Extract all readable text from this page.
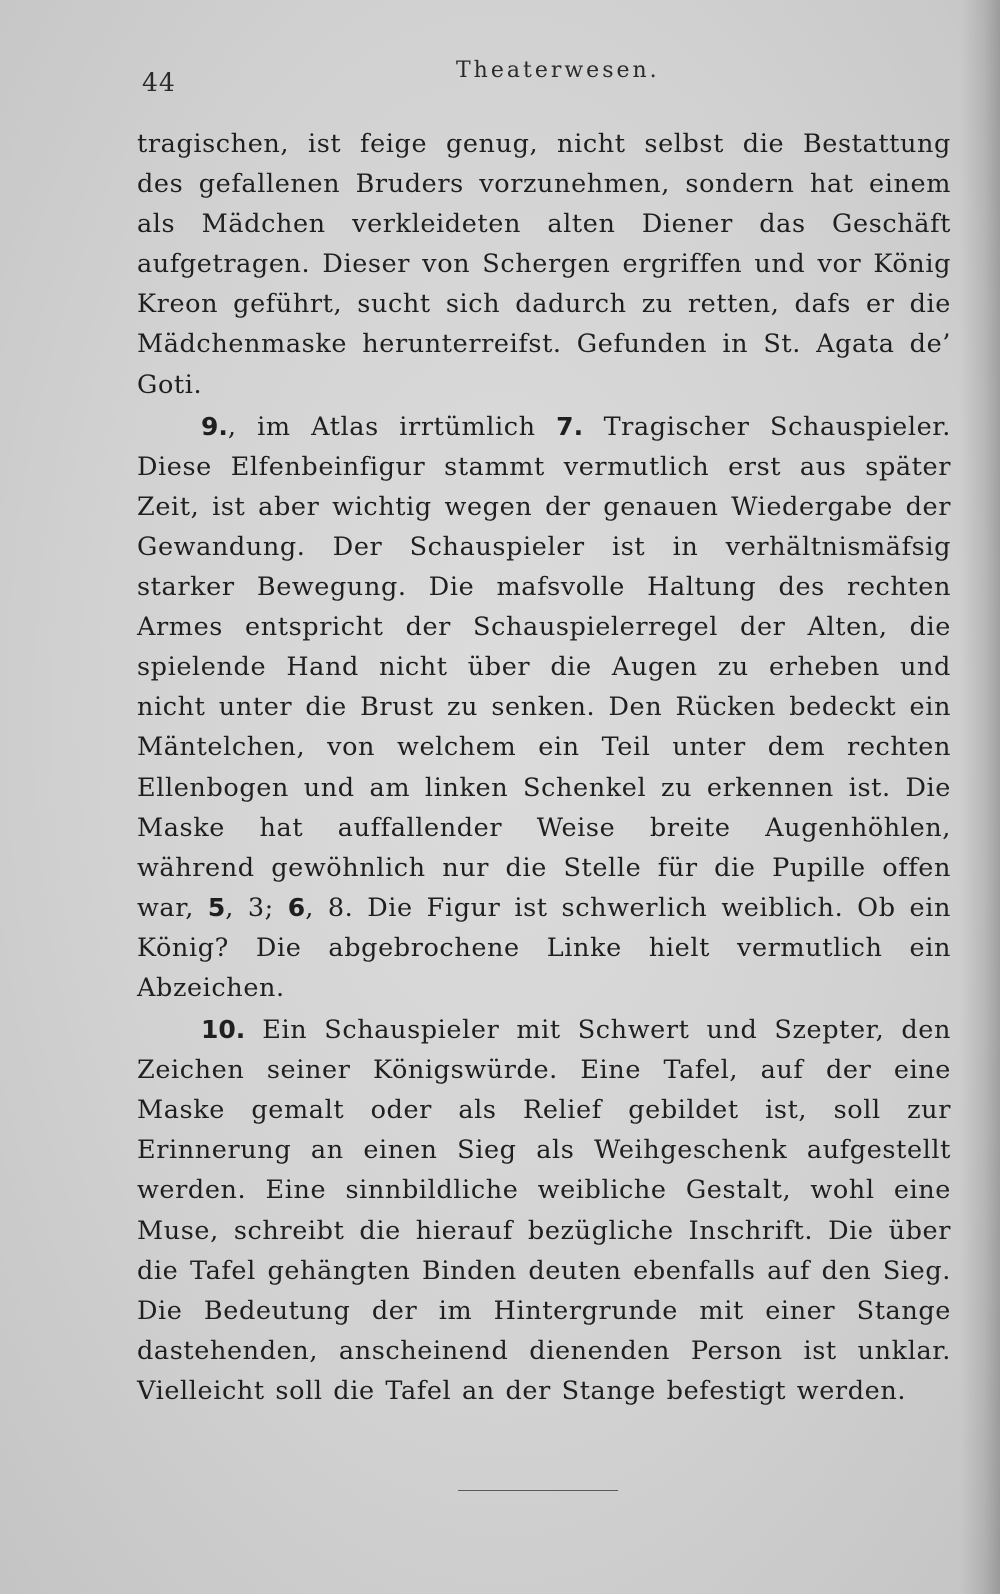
44	Theaterwesen.

tragischen, ist feige genug, nicht selbst die Bestattung des gefallenen Bruders vorzunehmen, sondern hat einem als Mädchen verkleideten alten Diener das Geschäft aufgetragen. Dieser von Schergen ergriffen und vor König Kreon geführt, sucht sich dadurch zu retten, dafs er die Mädchenmaske herunterreifst. Gefunden in St. Agata de’ Goti.

9., im Atlas irrtümlich 7. Tragischer Schauspieler. Diese Elfenbeinfigur stammt vermutlich erst aus später Zeit, ist aber wichtig wegen der genauen Wiedergabe der Gewandung. Der Schauspieler ist in verhältnismäfsig starker Bewegung. Die mafsvolle Haltung des rechten Armes entspricht der Schauspielerregel der Alten, die spielende Hand nicht über die Augen zu erheben und nicht unter die Brust zu senken. Den Rücken bedeckt ein Mäntelchen, von welchem ein Teil unter dem rechten Ellenbogen und am linken Schenkel zu erkennen ist. Die Maske hat auffallender Weise breite Augenhöhlen, während gewöhnlich nur die Stelle für die Pupille offen war, 5, 3; 6, 8. Die Figur ist schwerlich weiblich. Ob ein König? Die abgebrochene Linke hielt vermutlich ein Abzeichen.

10. Ein Schauspieler mit Schwert und Szepter, den Zeichen seiner Königswürde. Eine Tafel, auf der eine Maske gemalt oder als Relief gebildet ist, soll zur Erinnerung an einen Sieg als Weihgeschenk aufgestellt werden. Eine sinnbildliche weibliche Gestalt, wohl eine Muse, schreibt die hierauf bezügliche Inschrift. Die über die Tafel gehängten Binden deuten ebenfalls auf den Sieg. Die Bedeutung der im Hintergrunde mit einer Stange dastehenden, anscheinend dienenden Person ist unklar. Vielleicht soll die Tafel an der Stange befestigt werden.
